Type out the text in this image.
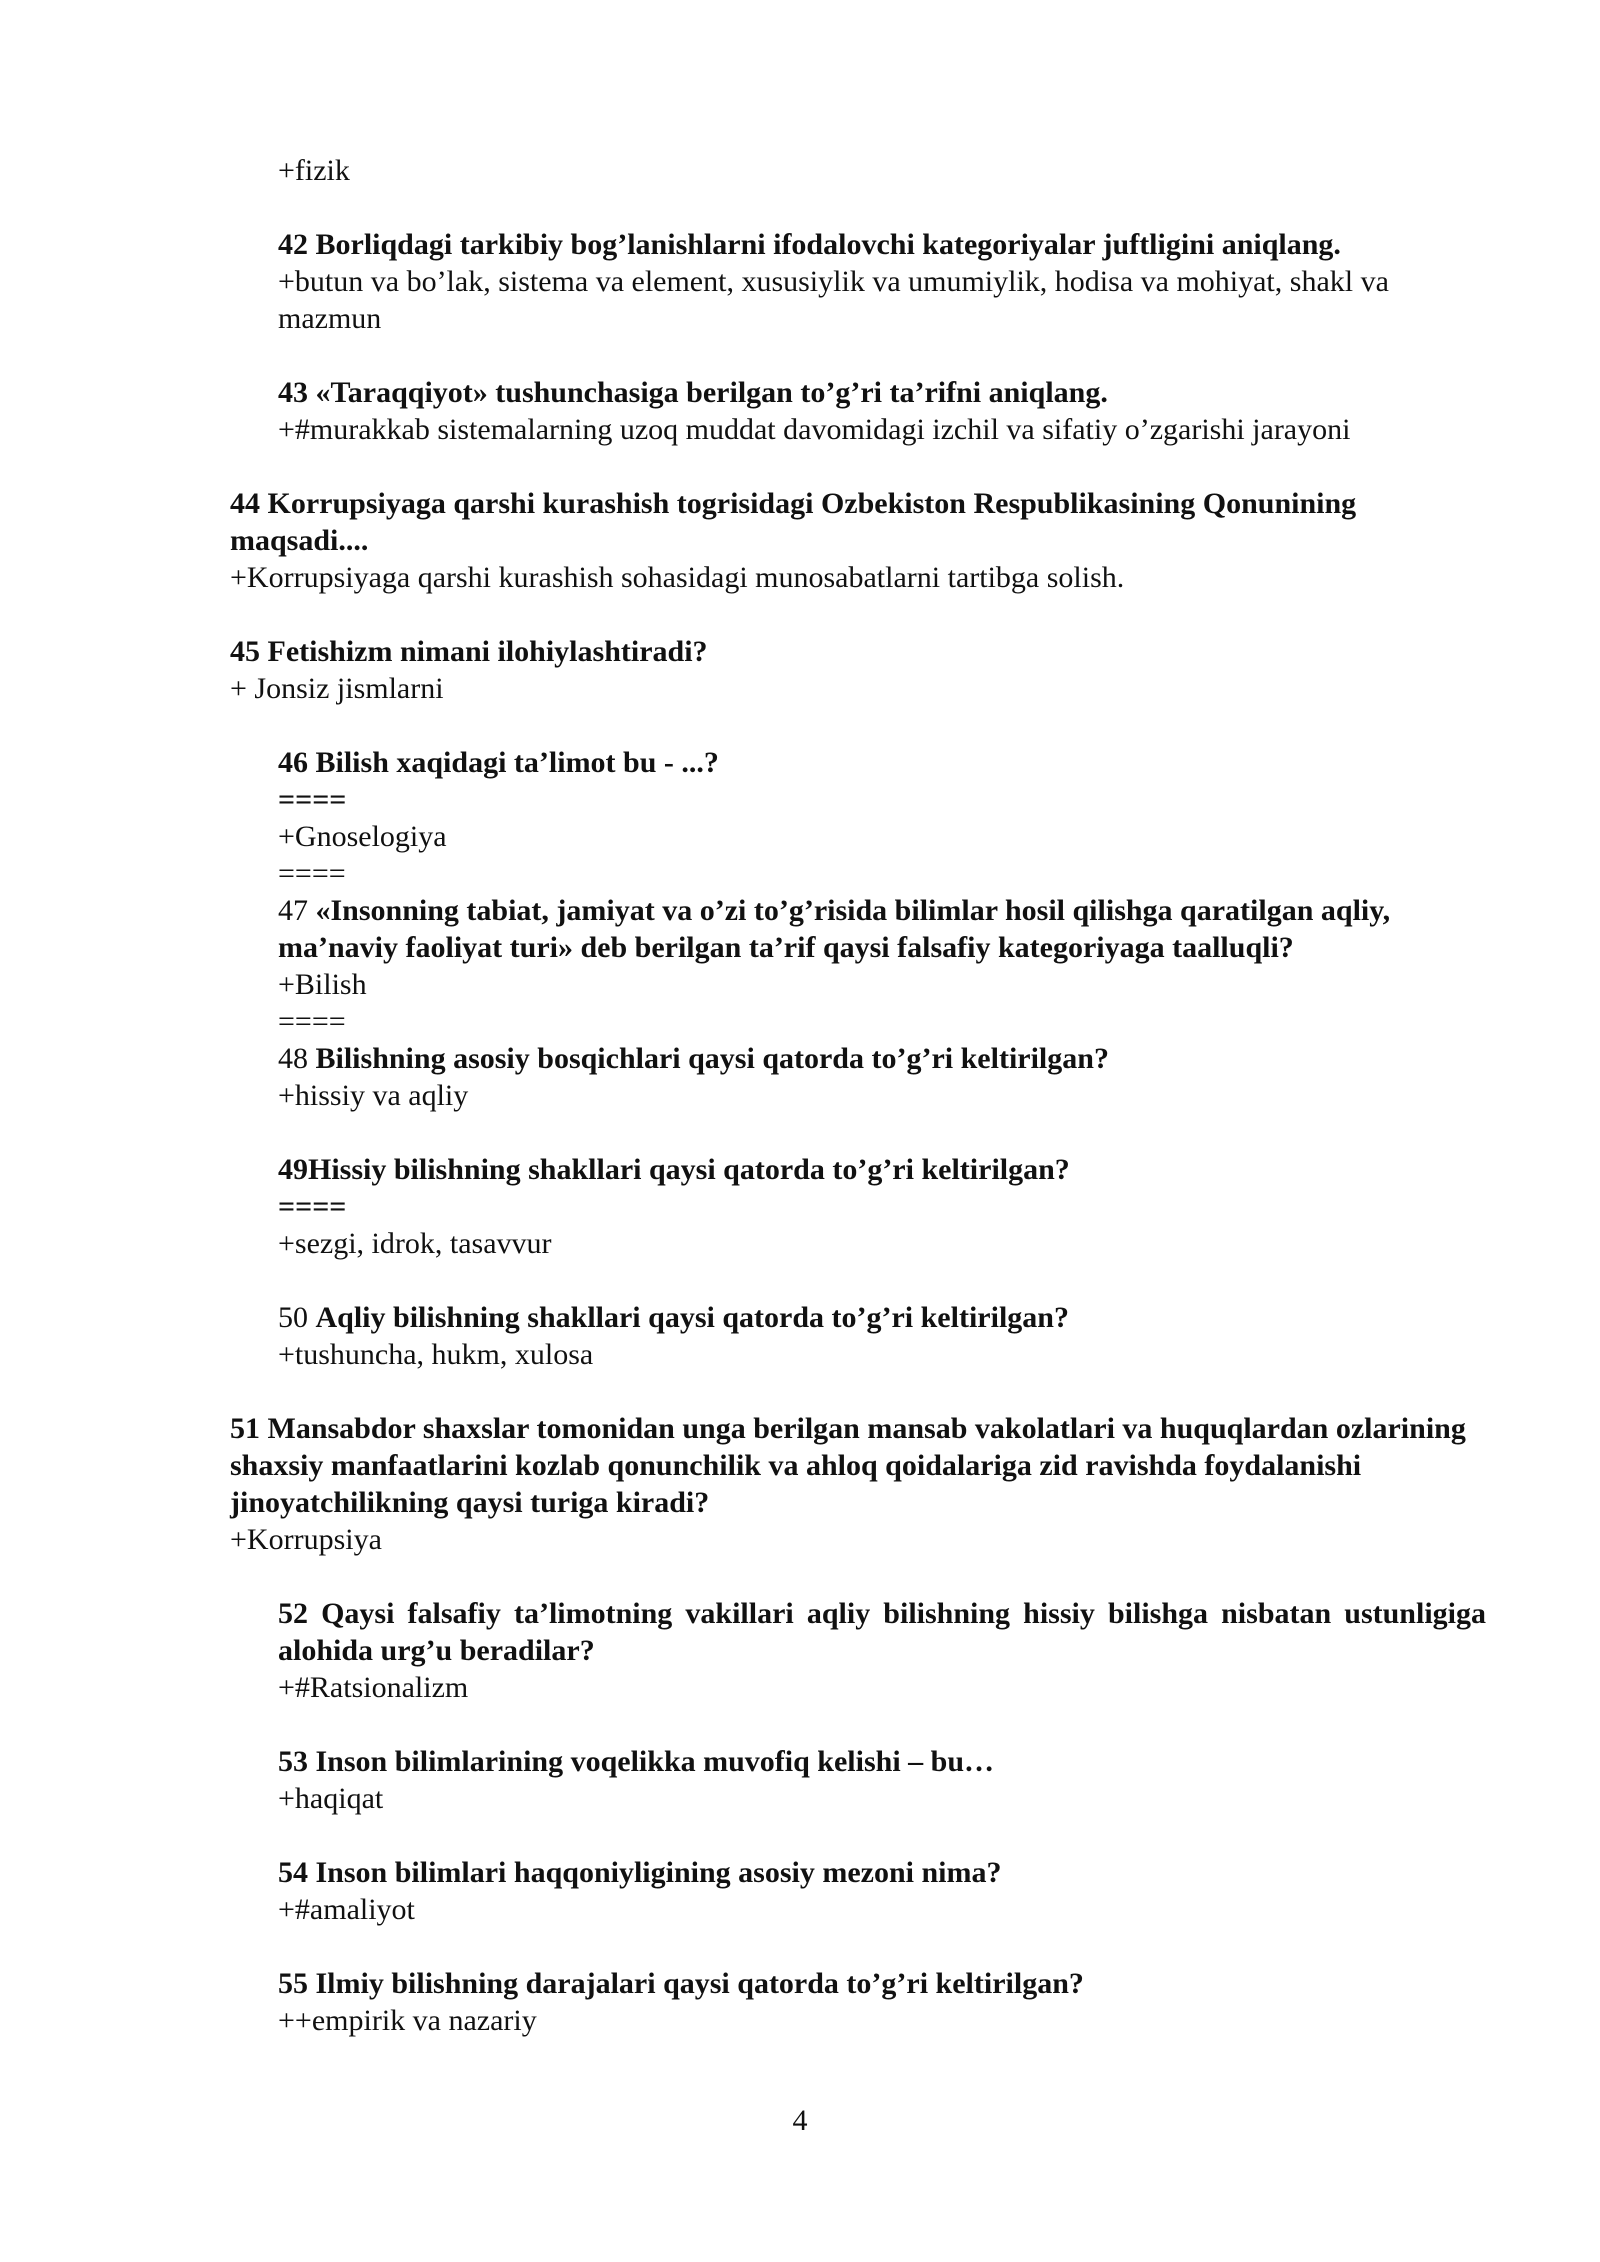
+fizik
42 Borliqdagi tarkibiy bog’lanishlarni ifodalovchi kategoriyalar juftligini aniqlang.
+butun va bo’lak, sistema va element, xususiylik va umumiylik, hodisa va mohiyat, shakl va mazmun
43 «Taraqqiyot» tushunchasiga berilgan to’g’ri ta’rifni aniqlang.
+#murakkab sistemalarning uzoq muddat davomidagi izchil va sifatiy o’zgarishi jarayoni
44 Korrupsiyaga qarshi kurashish togrisidagi Ozbekiston Respublikasining Qonunining maqsadi....
+Korrupsiyaga qarshi kurashish sohasidagi munosabatlarni tartibga solish.
45 Fetishizm nimani ilohiylashtiradi?
+ Jonsiz jismlarni
46 Bilish xaqidagi ta’limot bu - ...?
====
+Gnoselogiya
====
47 «Insonning tabiat, jamiyat va o’zi to’g’risida bilimlar hosil qilishga qaratilgan aqliy, ma’naviy faoliyat turi» deb berilgan ta’rif qaysi falsafiy kategoriyaga taalluqli?
+Bilish
====
48 Bilishning asosiy bosqichlari qaysi qatorda to’g’ri keltirilgan?
+hissiy va aqliy
49Hissiy bilishning shakllari qaysi qatorda to’g’ri keltirilgan?
====
+sezgi, idrok, tasavvur
50 Aqliy bilishning shakllari qaysi qatorda to’g’ri keltirilgan?
+tushuncha, hukm, xulosa
51 Mansabdor shaxslar tomonidan unga berilgan mansab vakolatlari va huquqlardan ozlarining shaxsiy manfaatlarini kozlab qonunchilik va ahloq qoidalariga zid ravishda foydalanishi jinoyatchilikning qaysi turiga kiradi?
+Korrupsiya
52 Qaysi falsafiy ta’limotning vakillari aqliy bilishning hissiy bilishga nisbatan ustunligiga alohida urg’u beradilar?
+#Ratsionalizm
53 Inson bilimlarining voqelikka muvofiq kelishi – bu…
+haqiqat
54 Inson bilimlari haqqoniyligining asosiy mezoni nima?
+#amaliyot
55 Ilmiy bilishning darajalari qaysi qatorda to’g’ri keltirilgan?
++empirik va nazariy
4
